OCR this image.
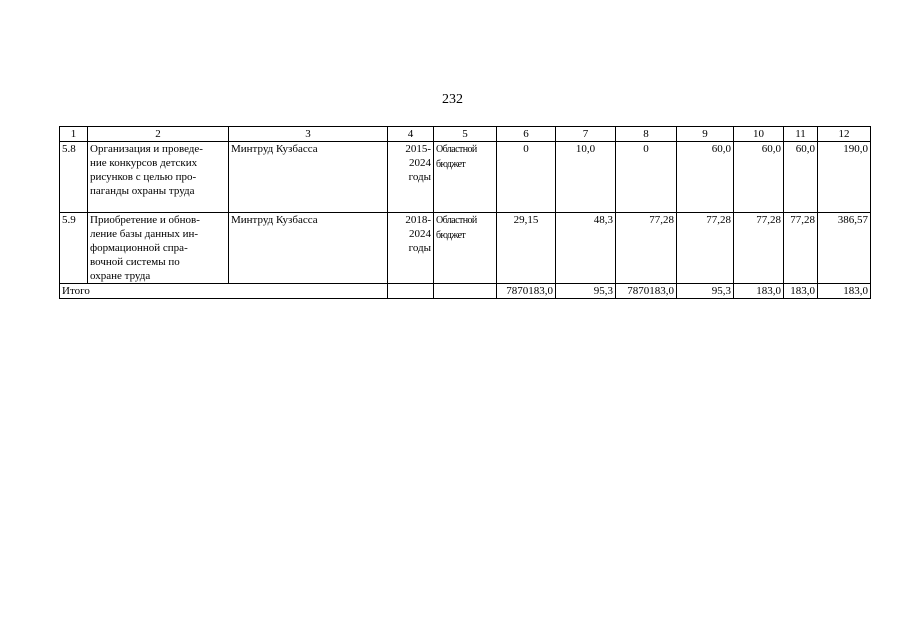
232
1	2	3	4	5	6	7	8	9	10	11	12
5.8	Организация и проведе-
ние конкурсов детских
рисунков с целью про-
паганды охраны труда	Минтруд Кузбасса	2015-
2024
годы	Областной
бюджет	0	10,0	0	60,0	60,0	60,0	190,0
5.9	Приобретение и обнов-
ление базы данных ин-
формационной спра-
вочной системы по
охране труда	Минтруд Кузбасса	2018-
2024
годы	Областной
бюджет	29,15	48,3	77,28	77,28	77,28	77,28	386,57
Итого					7870183,0	95,3	7870183,0	95,3	183,0	183,0	183,0
